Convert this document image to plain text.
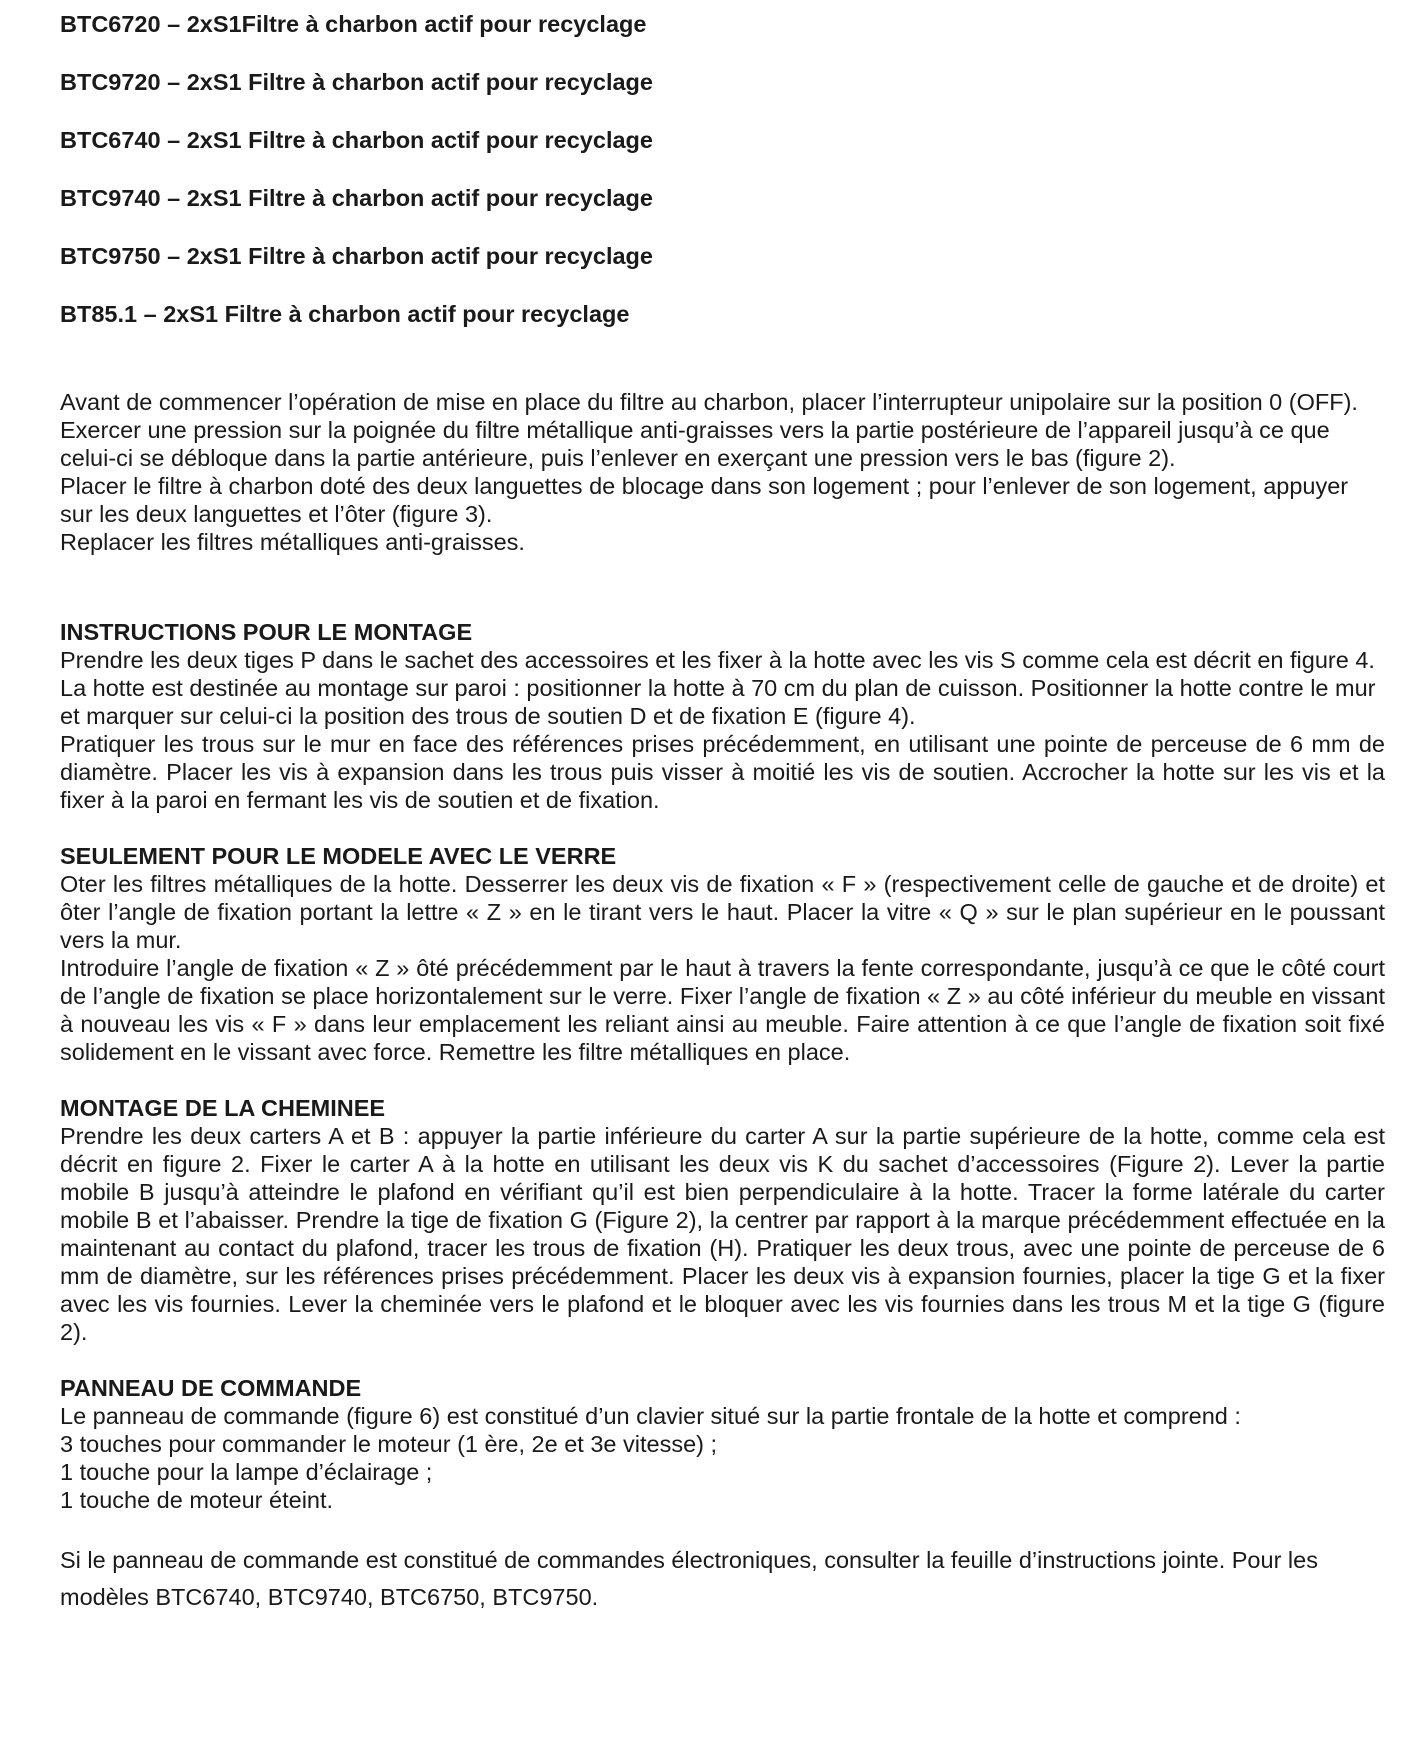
BTC6720 – 2xS1Filtre à charbon actif pour recyclage
BTC9720 – 2xS1 Filtre à charbon actif pour recyclage
BTC6740 – 2xS1 Filtre à charbon actif pour recyclage
BTC9740 – 2xS1 Filtre à charbon actif pour recyclage
BTC9750 – 2xS1 Filtre à charbon actif pour recyclage
BT85.1 – 2xS1 Filtre à charbon actif pour recyclage

Avant de commencer l’opération de mise en place du filtre au charbon, placer l’interrupteur unipolaire sur la position 0 (OFF).

Exercer une pression sur la poignée du filtre métallique anti-graisses vers la partie postérieure de l’appareil jusqu’à ce que celui-ci se débloque dans la partie antérieure, puis l’enlever en exerçant une pression vers le bas (figure 2).

Placer le filtre à charbon doté des deux languettes de blocage dans son logement ; pour l’enlever de son logement, appuyer sur les deux languettes et l’ôter (figure 3).

Replacer les filtres métalliques anti-graisses.

INSTRUCTIONS POUR LE MONTAGE

Prendre les deux tiges P dans le sachet des accessoires et les fixer à la hotte avec les vis S comme cela est décrit en figure 4.

La hotte est destinée au montage sur paroi : positionner la hotte à 70 cm du plan de cuisson. Positionner la hotte contre le mur et marquer sur celui-ci la position des trous de soutien D et de fixation E (figure 4).

Pratiquer les trous sur le mur en face des références prises précédemment, en utilisant une pointe de perceuse de 6 mm de diamètre. Placer les vis à expansion dans les trous puis visser à moitié les vis de soutien. Accrocher la hotte sur les vis et la fixer à la paroi en fermant les vis de soutien et de fixation.

SEULEMENT POUR LE MODELE AVEC LE VERRE

Oter les filtres métalliques de la hotte. Desserrer les deux vis de fixation « F » (respectivement celle de gauche et de droite) et ôter l’angle de fixation portant la lettre « Z » en le tirant vers le haut. Placer la vitre « Q » sur le plan supérieur en le poussant vers la mur.

Introduire l’angle de fixation « Z » ôté précédemment par le haut à travers la fente correspondante, jusqu’à ce que le côté court de l’angle de fixation se place horizontalement sur le verre. Fixer l’angle de fixation « Z » au côté inférieur du meuble en vissant à nouveau les vis « F » dans leur emplacement les reliant ainsi au meuble. Faire attention à ce que l’angle de fixation soit fixé solidement en le vissant avec force. Remettre les filtre métalliques en place.

MONTAGE DE LA CHEMINEE

Prendre les deux carters A et B : appuyer la partie inférieure du carter A sur la partie supérieure de la hotte, comme cela est décrit en figure 2. Fixer le carter A à la hotte en utilisant les deux vis K du sachet d’accessoires (Figure 2). Lever la partie mobile B jusqu’à atteindre le plafond en vérifiant qu’il est bien perpendiculaire à la hotte. Tracer la forme latérale du carter mobile B et l’abaisser. Prendre la tige de fixation G (Figure 2), la centrer par rapport à la marque précédemment effectuée en la maintenant au contact du plafond, tracer les trous de fixation (H). Pratiquer les deux trous, avec une pointe de perceuse de 6 mm de diamètre, sur les références prises précédemment. Placer les deux vis à expansion fournies, placer la tige G et la fixer avec les vis fournies. Lever la cheminée vers le plafond et le bloquer avec les vis fournies dans les trous M et la tige G (figure 2).

PANNEAU DE COMMANDE

Le panneau de commande (figure 6) est constitué d’un clavier situé sur la partie frontale de la hotte et comprend :

3 touches pour commander le moteur (1 ère, 2e et 3e vitesse) ;

1 touche pour la lampe d’éclairage ;

1 touche de moteur éteint.

Si le panneau de commande est constitué de commandes électroniques, consulter la feuille d’instructions jointe. Pour les modèles BTC6740, BTC9740, BTC6750, BTC9750.
